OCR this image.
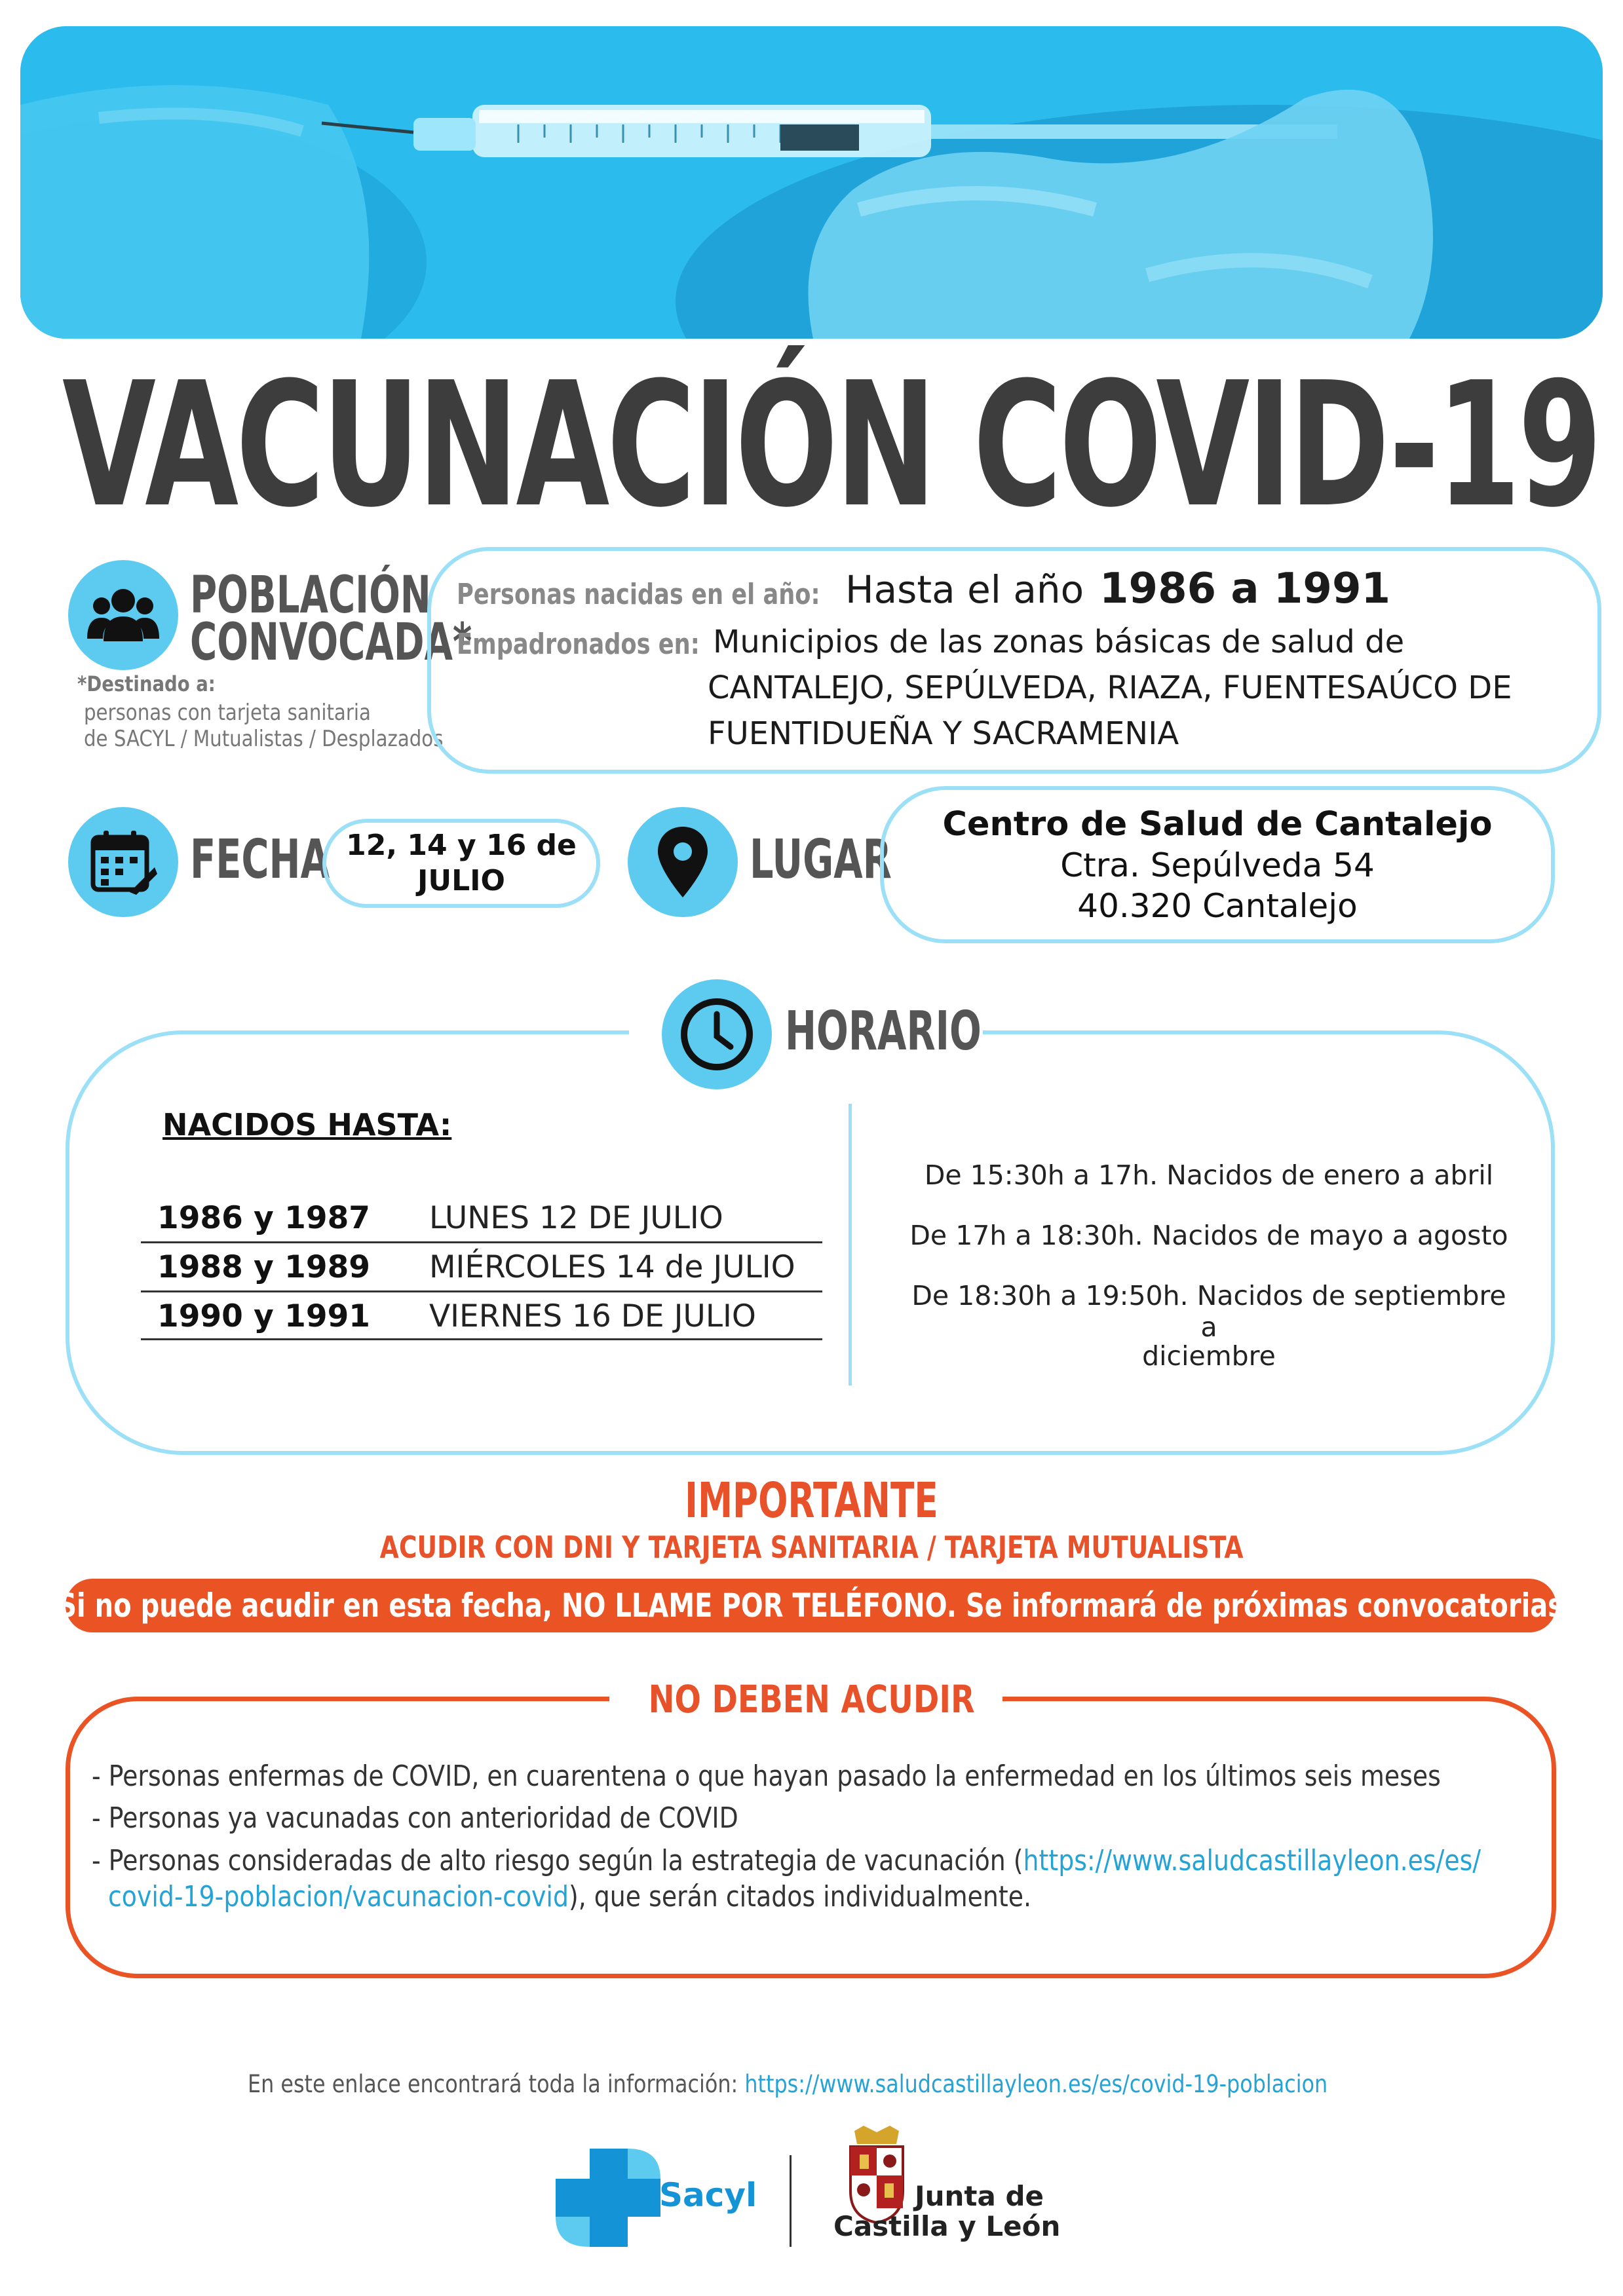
VACUNACIÓN COVID-19
POBLACIÓN
CONVOCADA*
*Destinado a:
personas con tarjeta sanitaria
de SACYL / Mutualistas / Desplazados
Personas nacidas en el año: Hasta el año 1986 a 1991
Empadronados en: Municipios de las zonas básicas de salud de
CANTALEJO, SEPÚLVEDA, RIAZA, FUENTESAÚCO DE
FUENTIDUEÑA Y SACRAMENIA
FECHA 12, 14 y 16 de
JULIO	LUGAR
Centro de Salud de Cantalejo
Ctra. Sepúlveda 54
40.320 Cantalejo
HORARIO
NACIDOS HASTA:
1986 y 1987 LUNES 12 DE JULIO
1988 y 1989 MIÉRCOLES 14 de JULIO
1990 y 1991 VIERNES 16 DE JULIO
De 15:30h a 17h. Nacidos de enero a abril
De 17h a 18:30h. Nacidos de mayo a agosto
De 18:30h a 19:50h. Nacidos de septiembre a
diciembre
IMPORTANTE
ACUDIR CON DNI Y TARJETA SANITARIA / TARJETA MUTUALISTA
Si no puede acudir en esta fecha, NO LLAME POR TELÉFONO. Se informará de próximas convocatorias
NO DEBEN ACUDIR
- Personas enfermas de COVID, en cuarentena o que hayan pasado la enfermedad en los últimos seis meses
- Personas ya vacunadas con anterioridad de COVID
- Personas consideradas de alto riesgo según la estrategia de vacunación (https://www.saludcastillayleon.es/es/
covid-19-poblacion/vacunacion-covid), que serán citados individualmente.
En este enlace encontrará toda la información: https://www.saludcastillayleon.es/es/covid-19-poblacion
Sacyl	Junta de
Castilla y León
